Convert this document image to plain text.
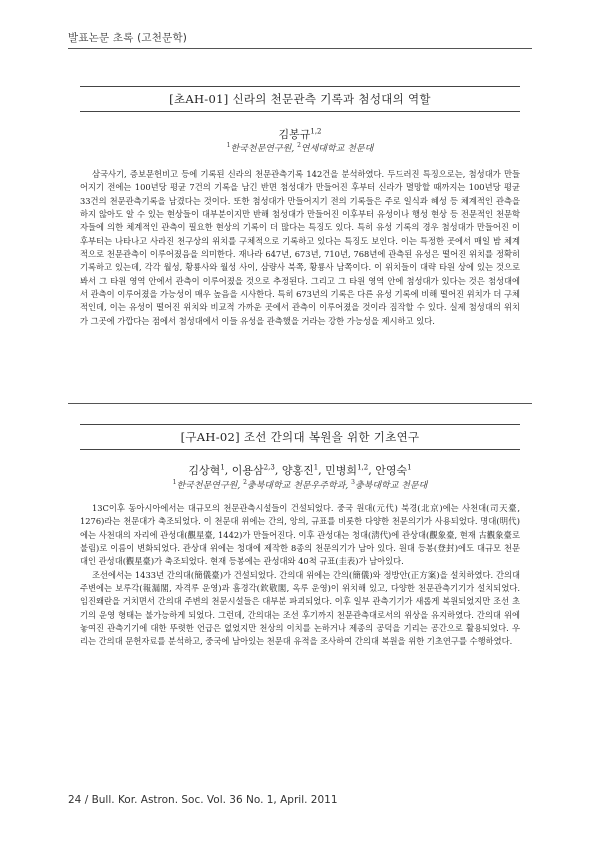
발표논문 초록 (고천문학)
[초AH-01] 신라의 천문관측 기록과 첨성대의 역할
김봉규$^{1,2}$
$^1$한국천문연구원, $^2$연세대학교 천문대

삼국사기, 증보문헌비고 등에 기록된 신라의 천문관측기록 142건을 분석하였다. 두드러진 특징으로는, 첨성대가 만들어지기 전에는 100년당 평균 7건의 기록을 남긴 반면 첨성대가 만들어진 후부터 신라가 멸망할 때까지는 100년당 평균 33건의 천문관측기록을 남겼다는 것이다. 또한 첨성대가 만들어지기 전의 기록들은 주로 일식과 혜성 등 체계적인 관측을 하지 않아도 알 수 있는 현상들이 대부분이지만 반해 첨성대가 만들어진 이후부터 유성이나 행성 현상 등 전문적인 천문학자들에 의한 체계적인 관측이 필요한 현상의 기록이 더 많다는 특징도 있다. 특히 유성 기록의 경우 첨성대가 만들어진 이후부터는 나타나고 사라진 천구상의 위치를 구체적으로 기록하고 있다는 특징도 보인다. 이는 특정한 곳에서 매일 밤 체계적으로 천문관측이 이루어졌음을 의미한다. 재나라 647년, 673년, 710년, 768년에 관측된 유성은 떨어진 위치를 정확히 기록하고 있는데, 각각 월성, 황룡사와 월성 사이, 삼량사 북쪽, 황룡사 남쪽이다. 이 위치들이 대략 타원 상에 있는 것으로 봐서 그 타원 영역 안에서 관측이 이루어졌을 것으로 추정된다. 그리고 그 타원 영역 안에 첨성대가 있다는 것은 첨성대에서 관측이 이루어졌을 가능성이 매우 높음을 시사한다. 특히 673년의 기록은 다른 유성 기록에 비해 떨어진 위치가 더 구체적인데, 이는 유성이 떨어진 위치와 비교적 가까운 곳에서 관측이 이루어졌을 것이라 짐작할 수 있다. 실제 첨성대의 위치가 그곳에 가깝다는 점에서 첨성대에서 이들 유성을 관측했을 거라는 강한 가능성을 제시하고 있다.

[구AH-02] 조선 간의대 복원을 위한 기초연구
김상혁$^1$, 이용삼$^{2,3}$, 양홍진$^1$, 민병희$^{1,2}$, 안영숙$^1$
$^1$한국천문연구원, $^2$충북대학교 천문우주학과, $^3$충북대학교 천문대

13C이후 동아시아에서는 대규모의 천문관측시설들이 건설되었다. 중국 원대(元代) 북경(北京)에는 사천대(司天臺, 1276)라는 천문대가 축조되었다. 이 천문대 위에는 간의, 앙의, 규표를 비롯한 다양한 천문의기가 사용되었다. 명대(明代)에는 사천대의 자리에 관성대(觀星臺, 1442)가 만들어진다. 이후 관성대는 청대(淸代)에 관상대(觀象臺, 현재 古觀象臺로 불림)로 이름이 변화되었다. 관상대 위에는 청대에 제작한 8종의 천문의기가 남아 있다. 원대 등봉(登封)에도 대규모 천문대인 관성대(觀星臺)가 축조되었다. 현재 등봉에는 관성대와 40척 규표(圭表)가 남아있다.

조선에서는 1433년 간의대(簡儀臺)가 건설되었다. 간의대 위에는 간의(簡儀)와 정방안(正方案)을 설치하였다. 간의대 주변에는 보루각(報漏閣, 자격루 운영)과 흠경각(欽敬閣, 옥루 운영)이 위치해 있고, 다양한 천문관측기기가 설치되었다. 임진왜란을 거치면서 간의대 주변의 천문시설들은 대부분 파괴되었다. 이후 일부 관측기기가 새롭게 복원되었지만 조선 초기의 운영 형태는 불가능하게 되었다. 그런데, 간의대는 조선 후기까지 천문관측대로서의 위상을 유지하였다. 간의대 위에 놓여진 관측기기에 대한 뚜렷한 언급은 없었지만 천상의 이치를 논하거나 제종의 공덕을 기리는 공간으로 활용되었다. 우리는 간의대 문헌자료를 분석하고, 중국에 남아있는 천문대 유적을 조사하여 간의대 복원을 위한 기초연구를 수행하였다.

24 / Bull. Kor. Astron. Soc. Vol. 36 No. 1, April. 2011
